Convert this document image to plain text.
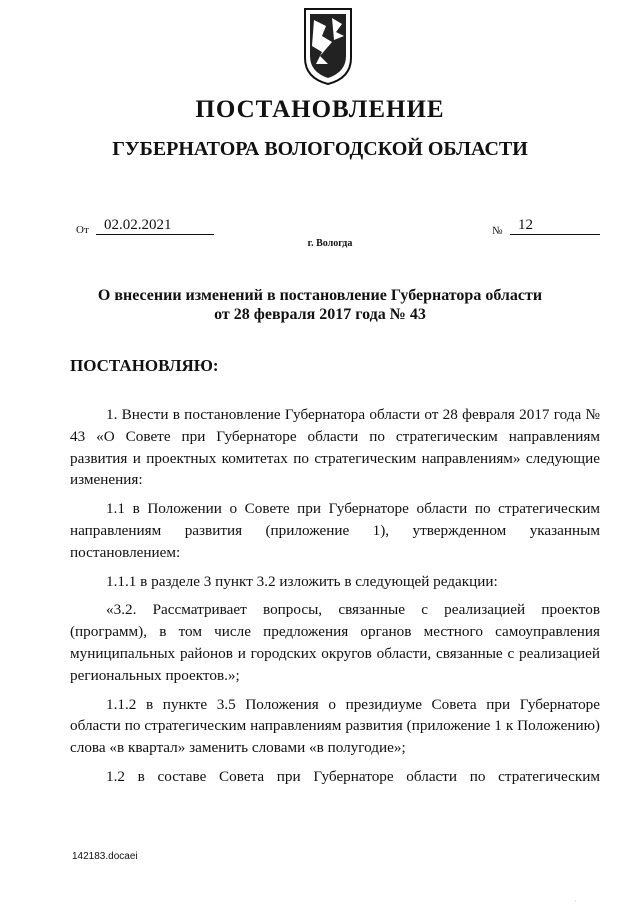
ПОСТАНОВЛЕНИЕ
ГУБЕРНАТОРА ВОЛОГОДСКОЙ ОБЛАСТИ
От	02.02.2021	№	12
г. Вологда
О внесении изменений в постановление Губернатора области
от 28 февраля 2017 года № 43
ПОСТАНОВЛЯЮ:

1. Внести в постановление Губернатора области от 28 февраля 2017 года № 43 «О Совете при Губернаторе области по стратегическим направлениям развития и проектных комитетах по стратегическим направлениям» следующие изменения:

1.1 в Положении о Совете при Губернаторе области по стратегическим направлениям развития (приложение 1), утвержденном указанным постановлением:

1.1.1 в разделе 3 пункт 3.2 изложить в следующей редакции:

«3.2. Рассматривает вопросы, связанные с реализацией проектов (программ), в том числе предложения органов местного самоуправления муниципальных районов и городских округов области, связанные с реализацией региональных проектов.»;

1.1.2 в пункте 3.5 Положения о президиуме Совета при Губернаторе области по стратегическим направлениям развития (приложение 1 к Положению) слова «в квартал» заменить словами «в полугодие»;

1.2 в составе Совета при Губернаторе области по стратегическим

142183.docaei
·
